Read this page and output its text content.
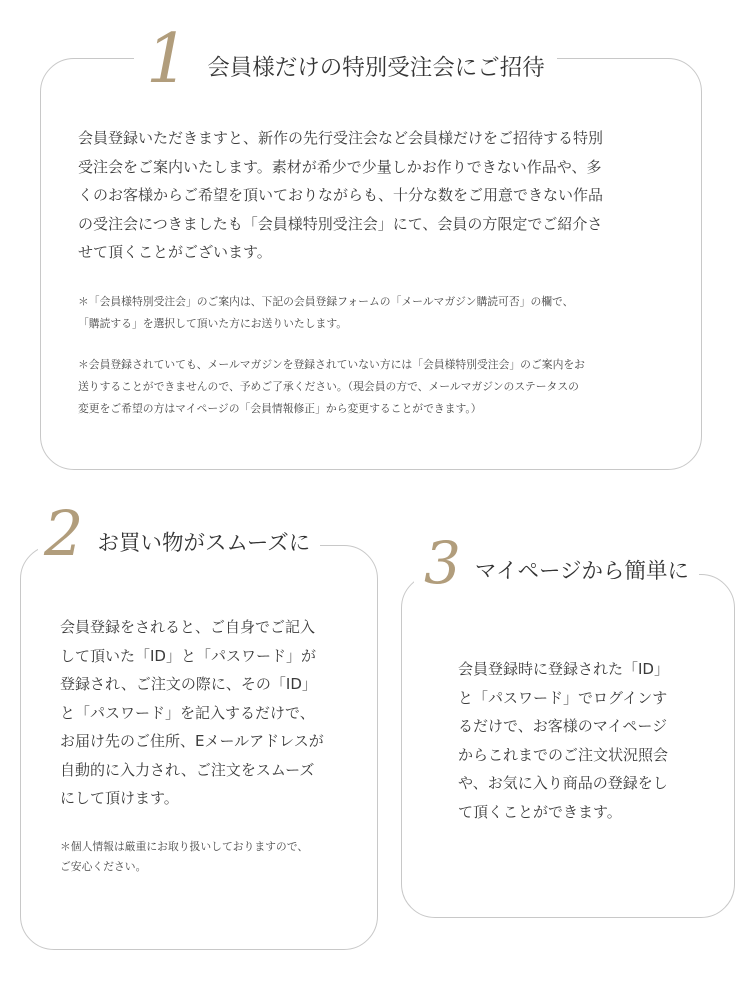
1 会員様だけの特別受注会にご招待

会員登録いただきますと、新作の先行受注会など会員様だけをご招待する特別

受注会をご案内いたします。素材が希少で少量しかお作りできない作品や、多

くのお客様からご希望を頂いておりながらも、十分な数をご用意できない作品

の受注会につきましたも「会員様特別受注会」にて、会員の方限定でご紹介さ

せて頂くことがございます。

＊「会員様特別受注会」のご案内は、下記の会員登録フォームの「メールマガジン購読可否」の欄で、

「購読する」を選択して頂いた方にお送りいたします。

＊会員登録されていても、メールマガジンを登録されていない方には「会員様特別受注会」のご案内をお

送りすることができませんので、予めご了承ください。（現会員の方で、メールマガジンのステータスの

変更をご希望の方はマイページの「会員情報修正」から変更することができます。）

2 お買い物がスムーズに

会員登録をされると、ご自身でご記入

して頂いた「ID」と「パスワード」が

登録され、ご注文の際に、その「ID」

と「パスワード」を記入するだけで、

お届け先のご住所、Eメールアドレスが

自動的に入力され、ご注文をスムーズ

にして頂けます。

＊個人情報は厳重にお取り扱いしておりますので、

ご安心ください。

3 マイページから簡単に

会員登録時に登録された「ID」

と「パスワード」でログインす

るだけで、お客様のマイページ

からこれまでのご注文状況照会

や、お気に入り商品の登録をし

て頂くことができます。
